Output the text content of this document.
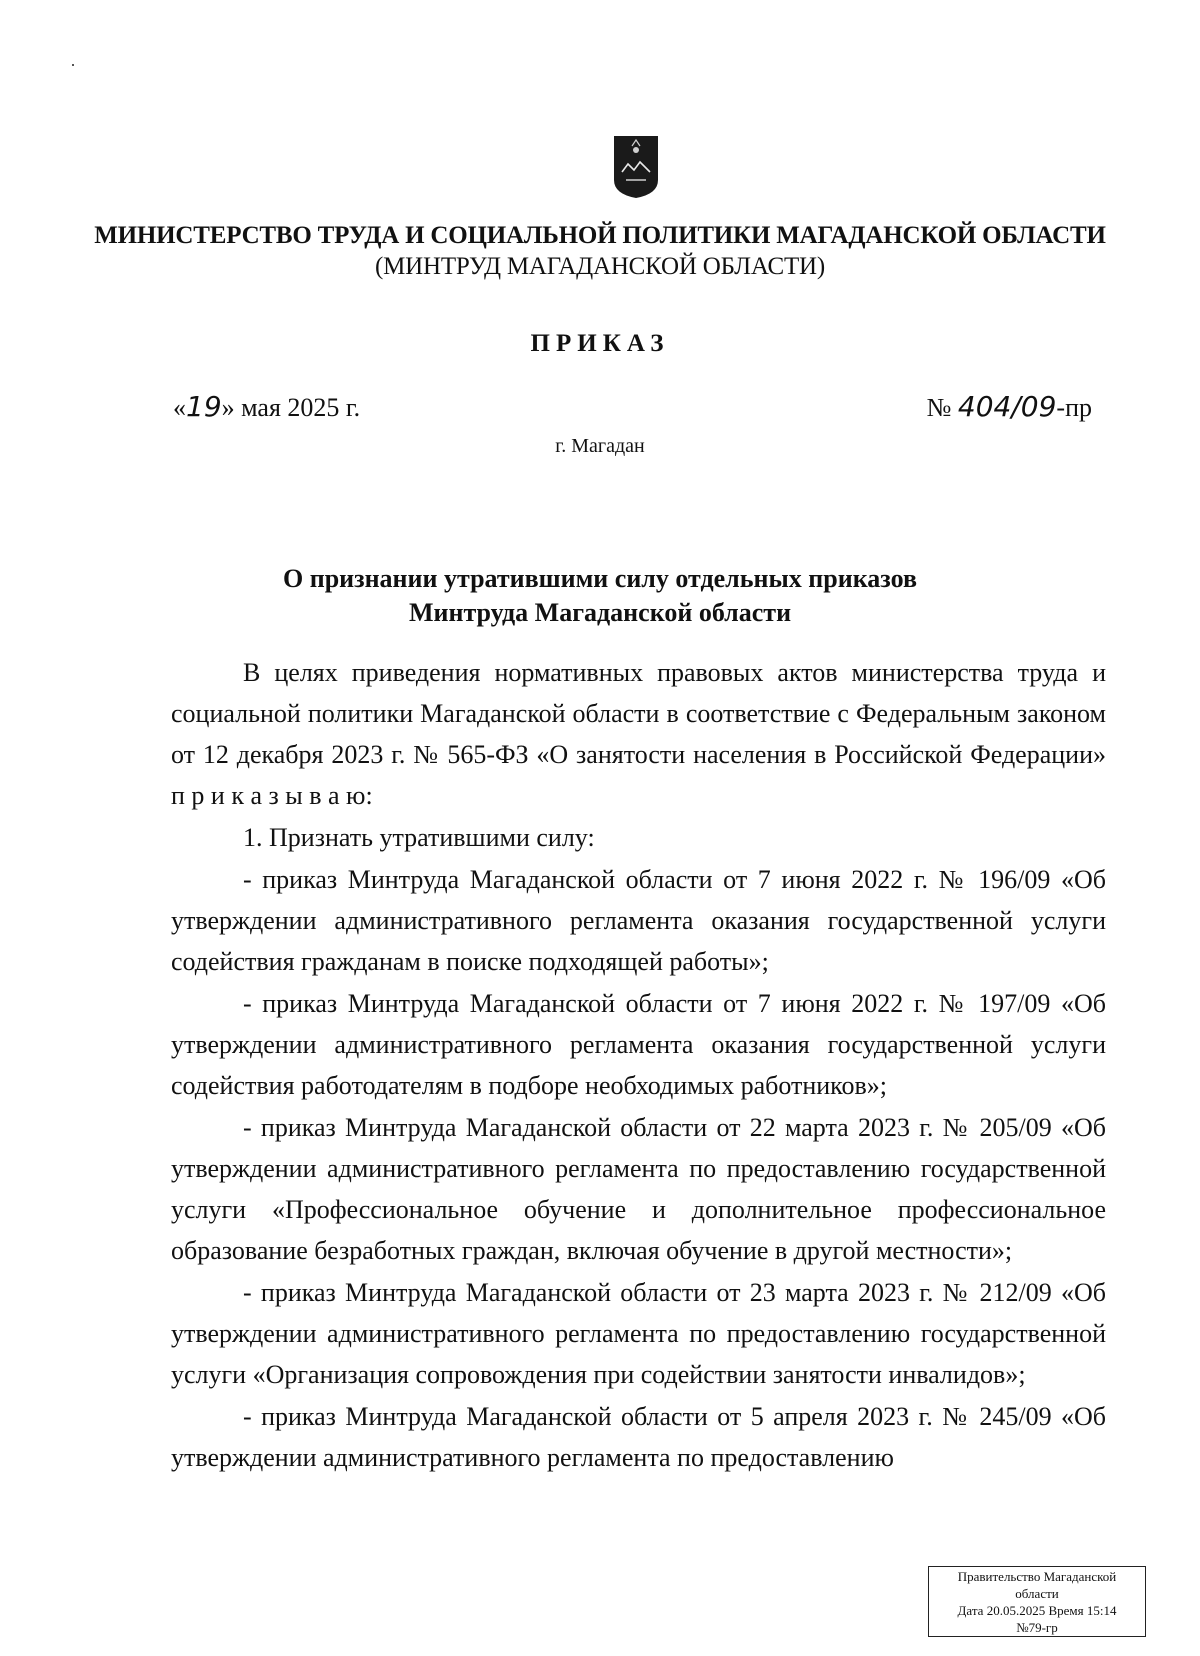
МИНИСТЕРСТВО ТРУДА И СОЦИАЛЬНОЙ ПОЛИТИКИ МАГАДАНСКОЙ ОБЛАСТИ
(МИНТРУД МАГАДАНСКОЙ ОБЛАСТИ)
ПРИКАЗ
«19» мая 2025 г.	№ 404/09-пр
г. Магадан
О признании утратившими силу отдельных приказов
Минтруда Магаданской области

В целях приведения нормативных правовых актов министерства труда и социальной политики Магаданской области в соответствие с Федеральным законом от 12 декабря 2023 г. № 565-ФЗ «О занятости населения в Российской Федерации» п р и к а з ы в а ю:

1. Признать утратившими силу:

- приказ Минтруда Магаданской области от 7 июня 2022 г. № 196/09 «Об утверждении административного регламента оказания государственной услуги содействия гражданам в поиске подходящей работы»;

- приказ Минтруда Магаданской области от 7 июня 2022 г. № 197/09 «Об утверждении административного регламента оказания государственной услуги содействия работодателям в подборе необходимых работников»;

- приказ Минтруда Магаданской области от 22 марта 2023 г. № 205/09 «Об утверждении административного регламента по предоставлению государственной услуги «Профессиональное обучение и дополнительное профессиональное образование безработных граждан, включая обучение в другой местности»;

- приказ Минтруда Магаданской области от 23 марта 2023 г. № 212/09 «Об утверждении административного регламента по предоставлению государственной услуги «Организация сопровождения при содействии занятости инвалидов»;

- приказ Минтруда Магаданской области от 5 апреля 2023 г. № 245/09 «Об утверждении административного регламента по предоставлению

Правительство Магаданской
области
Дата 20.05.2025 Время 15:14
№79-гр
